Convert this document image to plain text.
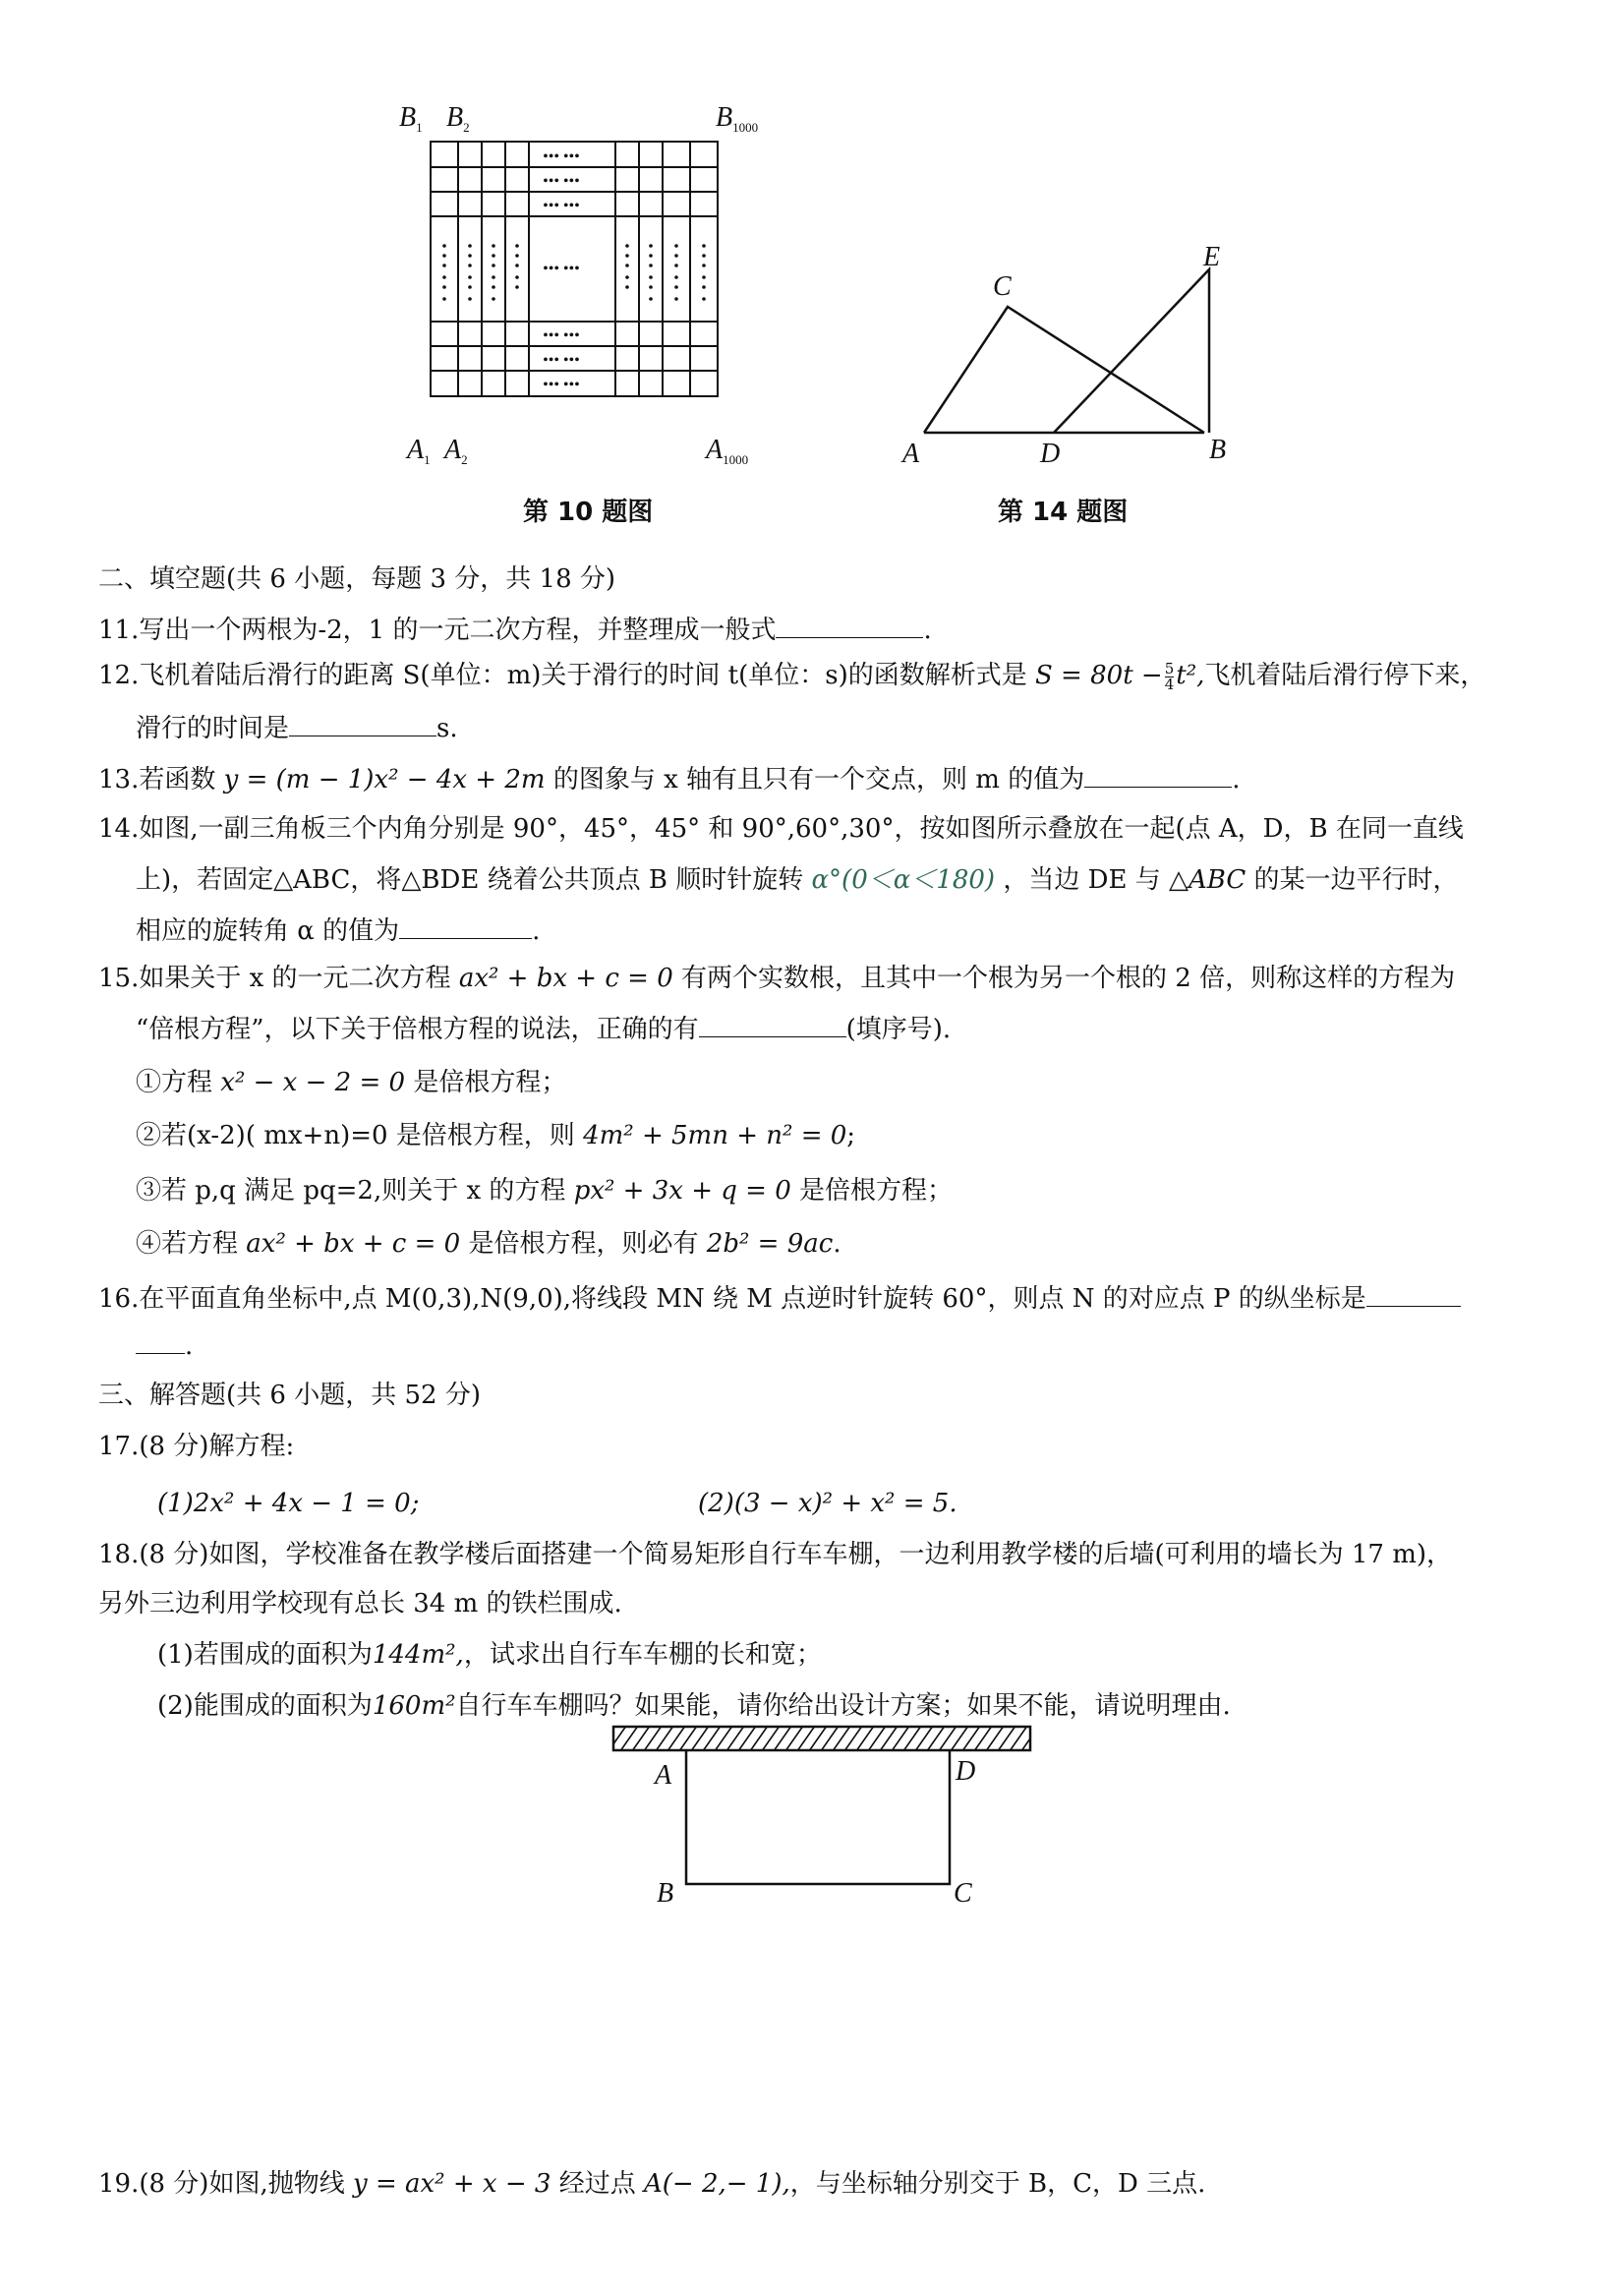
••• •••
••• •••
••• •••
••• •••
••• •••
••• •••
••• •••
$B_1$ $B_2$	$B_{1000}$
$A_1$ $A_2$	$A_{1000}$
第 10 题图
A	B
C
D
E
第 14 题图
二、填空题(共 6 小题，每题 3 分，共 18 分)
11.写出一个两根为-2，1 的一元二次方程，并整理成一般式	.
12.飞机着陆后滑行的距离 S(单位：m)关于滑行的时间 t(单位：s)的函数解析式是 $S = 80t - \frac{5}{4} t^2$,飞机着陆后滑行停下来，
滑行的时间是	s.
13.若函数 y = (m − 1)x² − 4x + 2m 的图象与 x 轴有且只有一个交点，则 m 的值为	.
14.如图,一副三角板三个内角分别是 90°，45°，45° 和 90°,60°,30°，按如图所示叠放在一起(点 A，D，B 在同一直线
上)，若固定△ABC，将△BDE 绕着公共顶点 B 顺时针旋转 α°(0＜α＜180) ，当边 DE 与 △ABC 的某一边平行时，
相应的旋转角 α 的值为	.
15.如果关于 x 的一元二次方程 ax² + bx + c = 0 有两个实数根，且其中一个根为另一个根的 2 倍，则称这样的方程为
“倍根方程”，以下关于倍根方程的说法，正确的有	(填序号).
①方程 x² − x − 2 = 0 是倍根方程；
②若(x-2)( mx+n)=0 是倍根方程，则 4m² + 5mn + n² = 0;
③若 p,q 满足 pq=2,则关于 x 的方程 px² + 3x + q = 0 是倍根方程；
④若方程 ax² + bx + c = 0 是倍根方程，则必有 2b² = 9ac.
16.在平面直角坐标中,点 M(0,3),N(9,0),将线段 MN 绕 M 点逆时针旋转 60°，则点 N 的对应点 P 的纵坐标是
.
三、解答题(共 6 小题，共 52 分)
17.(8 分)解方程:
(1)2x² + 4x − 1 = 0;	(2)(3 − x)² + x² = 5.
18.(8 分)如图，学校准备在教学楼后面搭建一个简易矩形自行车车棚，一边利用教学楼的后墙(可利用的墙长为 17 m)，
另外三边利用学校现有总长 34 m 的铁栏围成.
(1)若围成的面积为144m²,，试求出自行车车棚的长和宽；
(2)能围成的面积为160m²自行车车棚吗？如果能，请你给出设计方案；如果不能，请说明理由.
A	D
B	C
19.(8 分)如图,抛物线 y = ax² + x − 3 经过点 A(− 2,− 1),，与坐标轴分别交于 B，C，D 三点.
